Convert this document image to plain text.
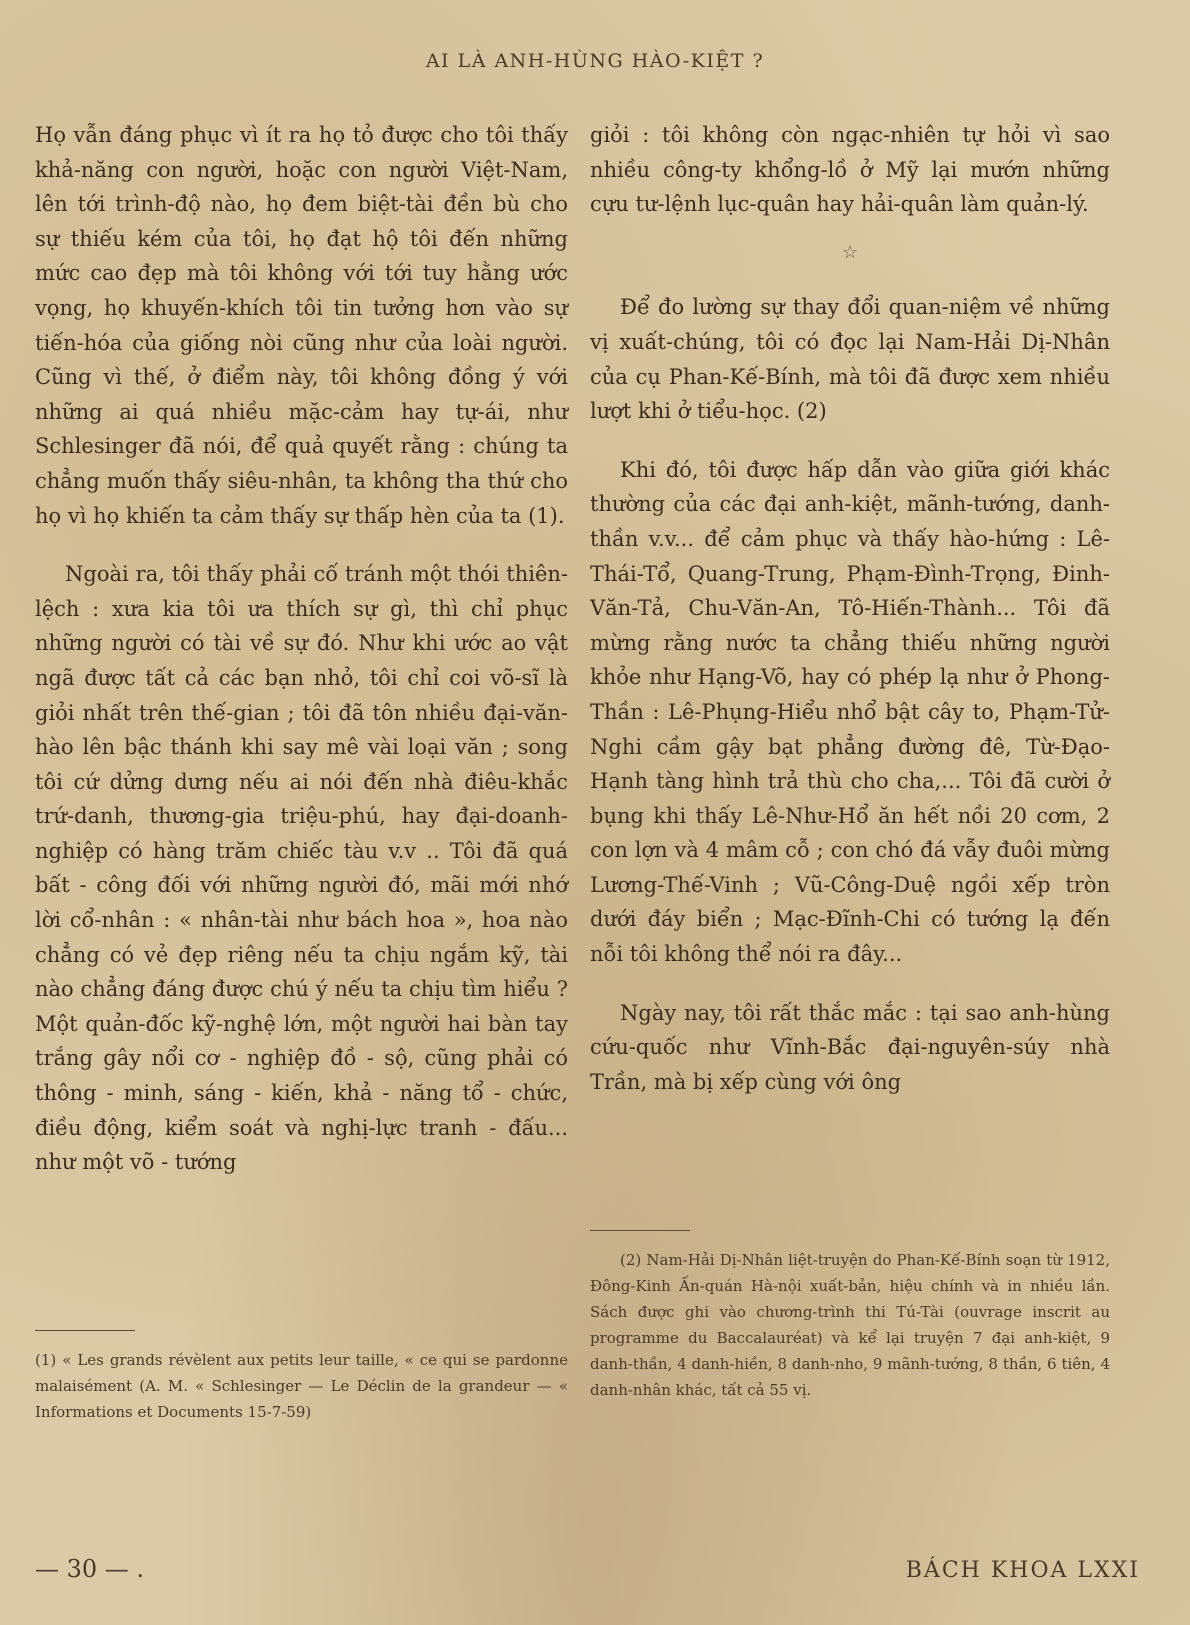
AI LÀ ANH-HÙNG HÀO-KIỆT ?

Họ vẫn đáng phục vì ít ra họ tỏ được cho tôi thấy khả-năng con người, hoặc con người Việt-Nam, lên tới trình-độ nào, họ đem biệt-tài đền bù cho sự thiếu kém của tôi, họ đạt hộ tôi đến những mức cao đẹp mà tôi không với tới tuy hằng ước vọng, họ khuyến-khích tôi tin tưởng hơn vào sự tiến-hóa của giống nòi cũng như của loài người. Cũng vì thế, ở điểm này, tôi không đồng ý với những ai quá nhiều mặc-cảm hay tự-ái, như Schlesinger đã nói, để quả quyết rằng : chúng ta chẳng muốn thấy siêu-nhân, ta không tha thứ cho họ vì họ khiến ta cảm thấy sự thấp hèn của ta (1).

Ngoài ra, tôi thấy phải cố tránh một thói thiên-lệch : xưa kia tôi ưa thích sự gì, thì chỉ phục những người có tài về sự đó. Như khi ước ao vật ngã được tất cả các bạn nhỏ, tôi chỉ coi võ-sĩ là giỏi nhất trên thế-gian ; tôi đã tôn nhiều đại-văn-hào lên bậc thánh khi say mê vài loại văn ; song tôi cứ dửng dưng nếu ai nói đến nhà điêu-khắc trứ-danh, thương-gia triệu-phú, hay đại-doanh-nghiệp có hàng trăm chiếc tàu v.v .. Tôi đã quá bất - công đối với những người đó, mãi mới nhớ lời cổ-nhân : « nhân-tài như bách hoa », hoa nào chẳng có vẻ đẹp riêng nếu ta chịu ngắm kỹ, tài nào chẳng đáng được chú ý nếu ta chịu tìm hiểu ? Một quản-đốc kỹ-nghệ lớn, một người hai bàn tay trắng gây nổi cơ - nghiệp đồ - sộ, cũng phải có thông - minh, sáng - kiến, khả - năng tổ - chức, điều động, kiểm soát và nghị-lực tranh - đấu... như một võ - tướng

(1) « Les grands révèlent aux petits leur taille, « ce qui se pardonne malaisément (A. M. « Schlesinger — Le Déclin de la grandeur — « Informations et Documents 15-7-59)

giỏi : tôi không còn ngạc-nhiên tự hỏi vì sao nhiều công-ty khổng-lồ ở Mỹ lại mướn những cựu tư-lệnh lục-quân hay hải-quân làm quản-lý.

☆

Để đo lường sự thay đổi quan-niệm về những vị xuất-chúng, tôi có đọc lại Nam-Hải Dị-Nhân của cụ Phan-Kế-Bính, mà tôi đã được xem nhiều lượt khi ở tiểu-học. (2)

Khi đó, tôi được hấp dẫn vào giữa giới khác thường của các đại anh-kiệt, mãnh-tướng, danh-thần v.v... để cảm phục và thấy hào-hứng : Lê-Thái-Tổ, Quang-Trung, Phạm-Đình-Trọng, Đinh-Văn-Tả, Chu-Văn-An, Tô-Hiến-Thành... Tôi đã mừng rằng nước ta chẳng thiếu những người khỏe như Hạng-Võ, hay có phép lạ như ở Phong-Thần : Lê-Phụng-Hiểu nhổ bật cây to, Phạm-Tử-Nghi cầm gậy bạt phẳng đường đê, Từ-Đạo-Hạnh tàng hình trả thù cho cha,... Tôi đã cười ở bụng khi thấy Lê-Như-Hổ ăn hết nồi 20 cơm, 2 con lợn và 4 mâm cỗ ; con chó đá vẫy đuôi mừng Lương-Thế-Vinh ; Vũ-Công-Duệ ngồi xếp tròn dưới đáy biển ; Mạc-Đĩnh-Chi có tướng lạ đến nỗi tôi không thể nói ra đây...

Ngày nay, tôi rất thắc mắc : tại sao anh-hùng cứu-quốc như Vĩnh-Bắc đại-nguyên-súy nhà Trần, mà bị xếp cùng với ông

(2) Nam-Hải Dị-Nhân liệt-truyện do Phan-Kế-Bính soạn từ 1912, Đông-Kinh Ấn-quán Hà-nội xuất-bản, hiệu chính và in nhiều lần. Sách được ghi vào chương-trình thi Tú-Tài (ouvrage inscrit au programme du Baccalauréat) và kể lại truyện 7 đại anh-kiệt, 9 danh-thần, 4 danh-hiền, 8 danh-nho, 9 mãnh-tướng, 8 thần, 6 tiên, 4 danh-nhân khác, tất cả 55 vị.

— 30 — .	BÁCH KHOA LXXI
